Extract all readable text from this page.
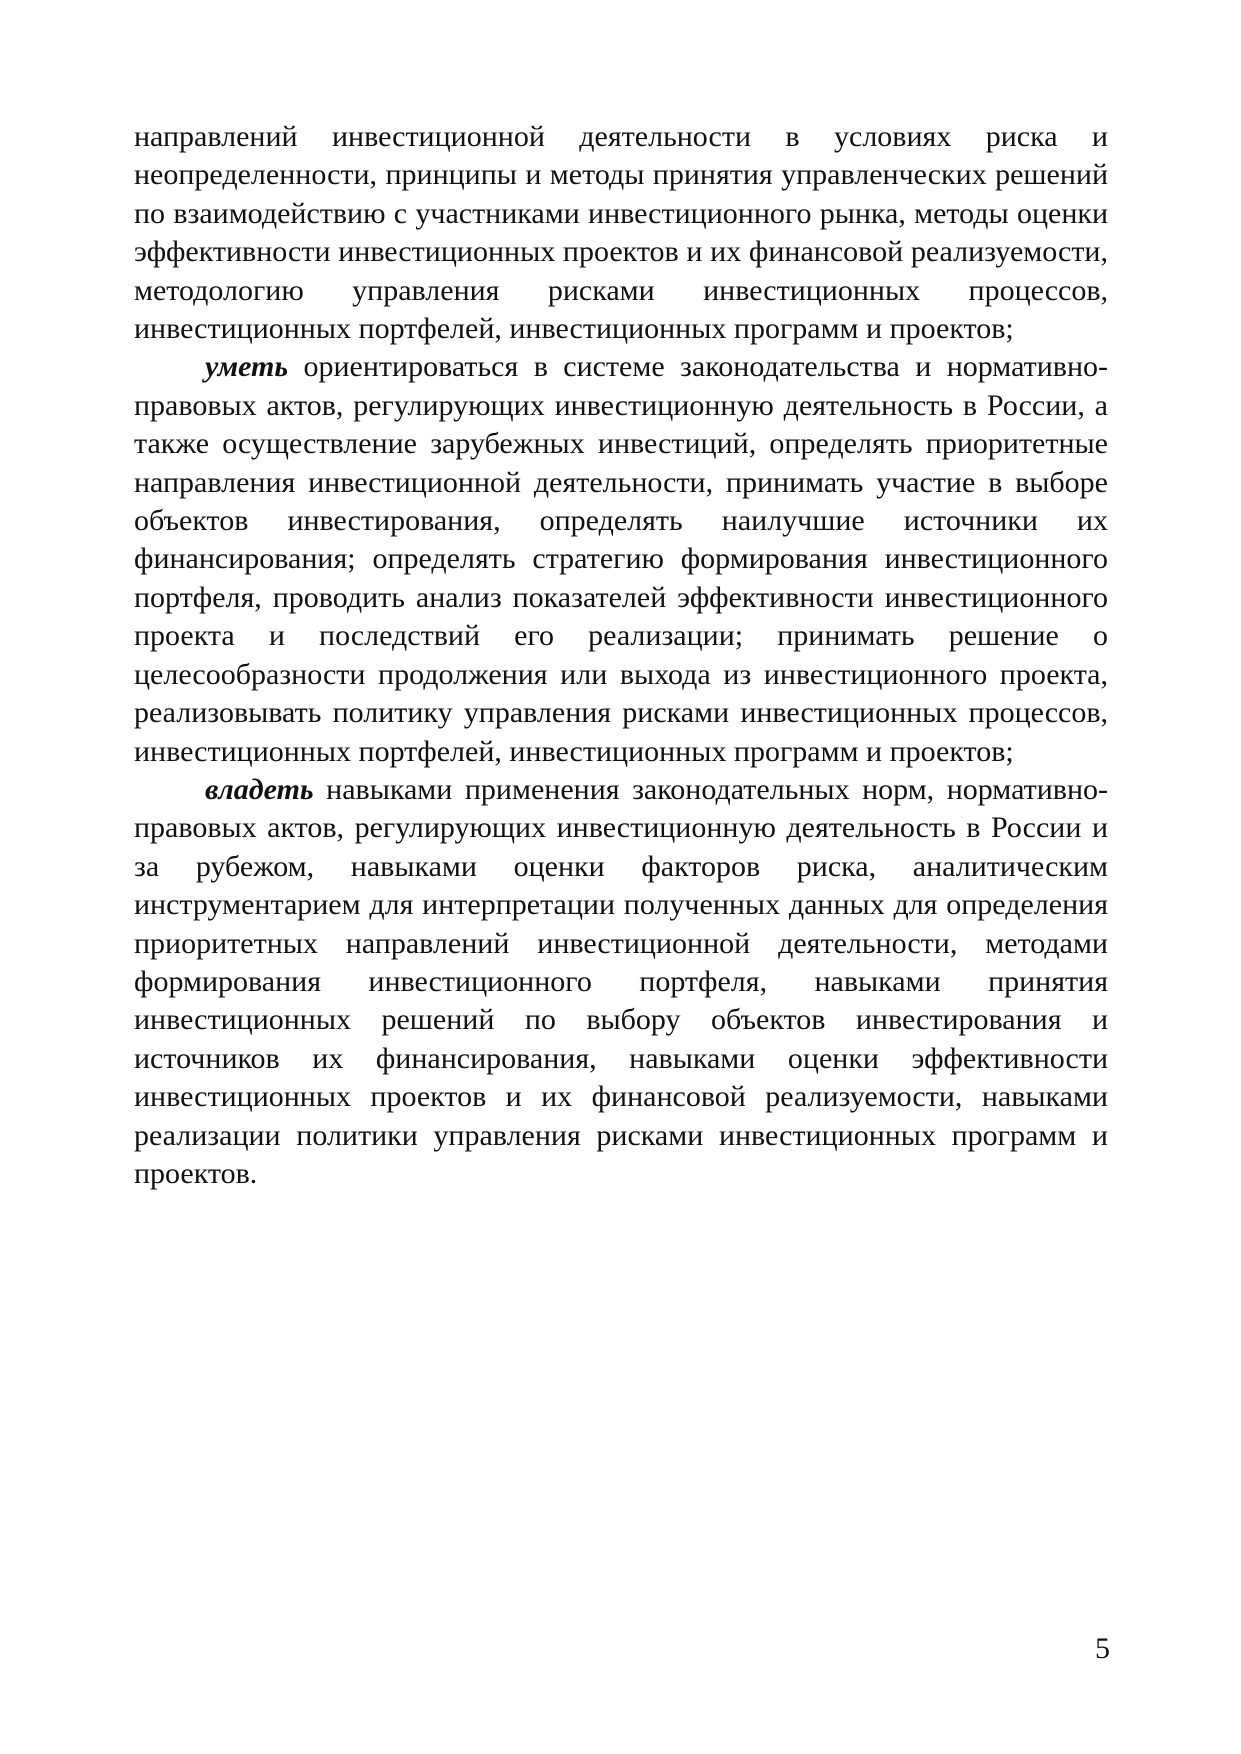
направлений инвестиционной деятельности в условиях риска и неопределенности, принципы и методы принятия управленческих решений по взаимодействию с участниками инвестиционного рынка, методы оценки эффективности инвестиционных проектов и их финансовой реализуемости, методологию управления рисками инвестиционных процессов, инвестиционных портфелей, инвестиционных программ и проектов;

уметь ориентироваться в системе законодательства и нормативно-правовых актов, регулирующих инвестиционную деятельность в России, а также осуществление зарубежных инвестиций, определять приоритетные направления инвестиционной деятельности, принимать участие в выборе объектов инвестирования, определять наилучшие источники их финансирования; определять стратегию формирования инвестиционного портфеля, проводить анализ показателей эффективности инвестиционного проекта и последствий его реализации; принимать решение о целесообразности продолжения или выхода из инвестиционного проекта, реализовывать политику управления рисками инвестиционных процессов, инвестиционных портфелей, инвестиционных программ и проектов;

владеть навыками применения законодательных норм, нормативно-правовых актов, регулирующих инвестиционную деятельность в России и за рубежом, навыками оценки факторов риска, аналитическим инструментарием для интерпретации полученных данных для определения приоритетных направлений инвестиционной деятельности, методами формирования инвестиционного портфеля, навыками принятия инвестиционных решений по выбору объектов инвестирования и источников их финансирования, навыками оценки эффективности инвестиционных проектов и их финансовой реализуемости, навыками реализации политики управления рисками инвестиционных программ и проектов.

5
